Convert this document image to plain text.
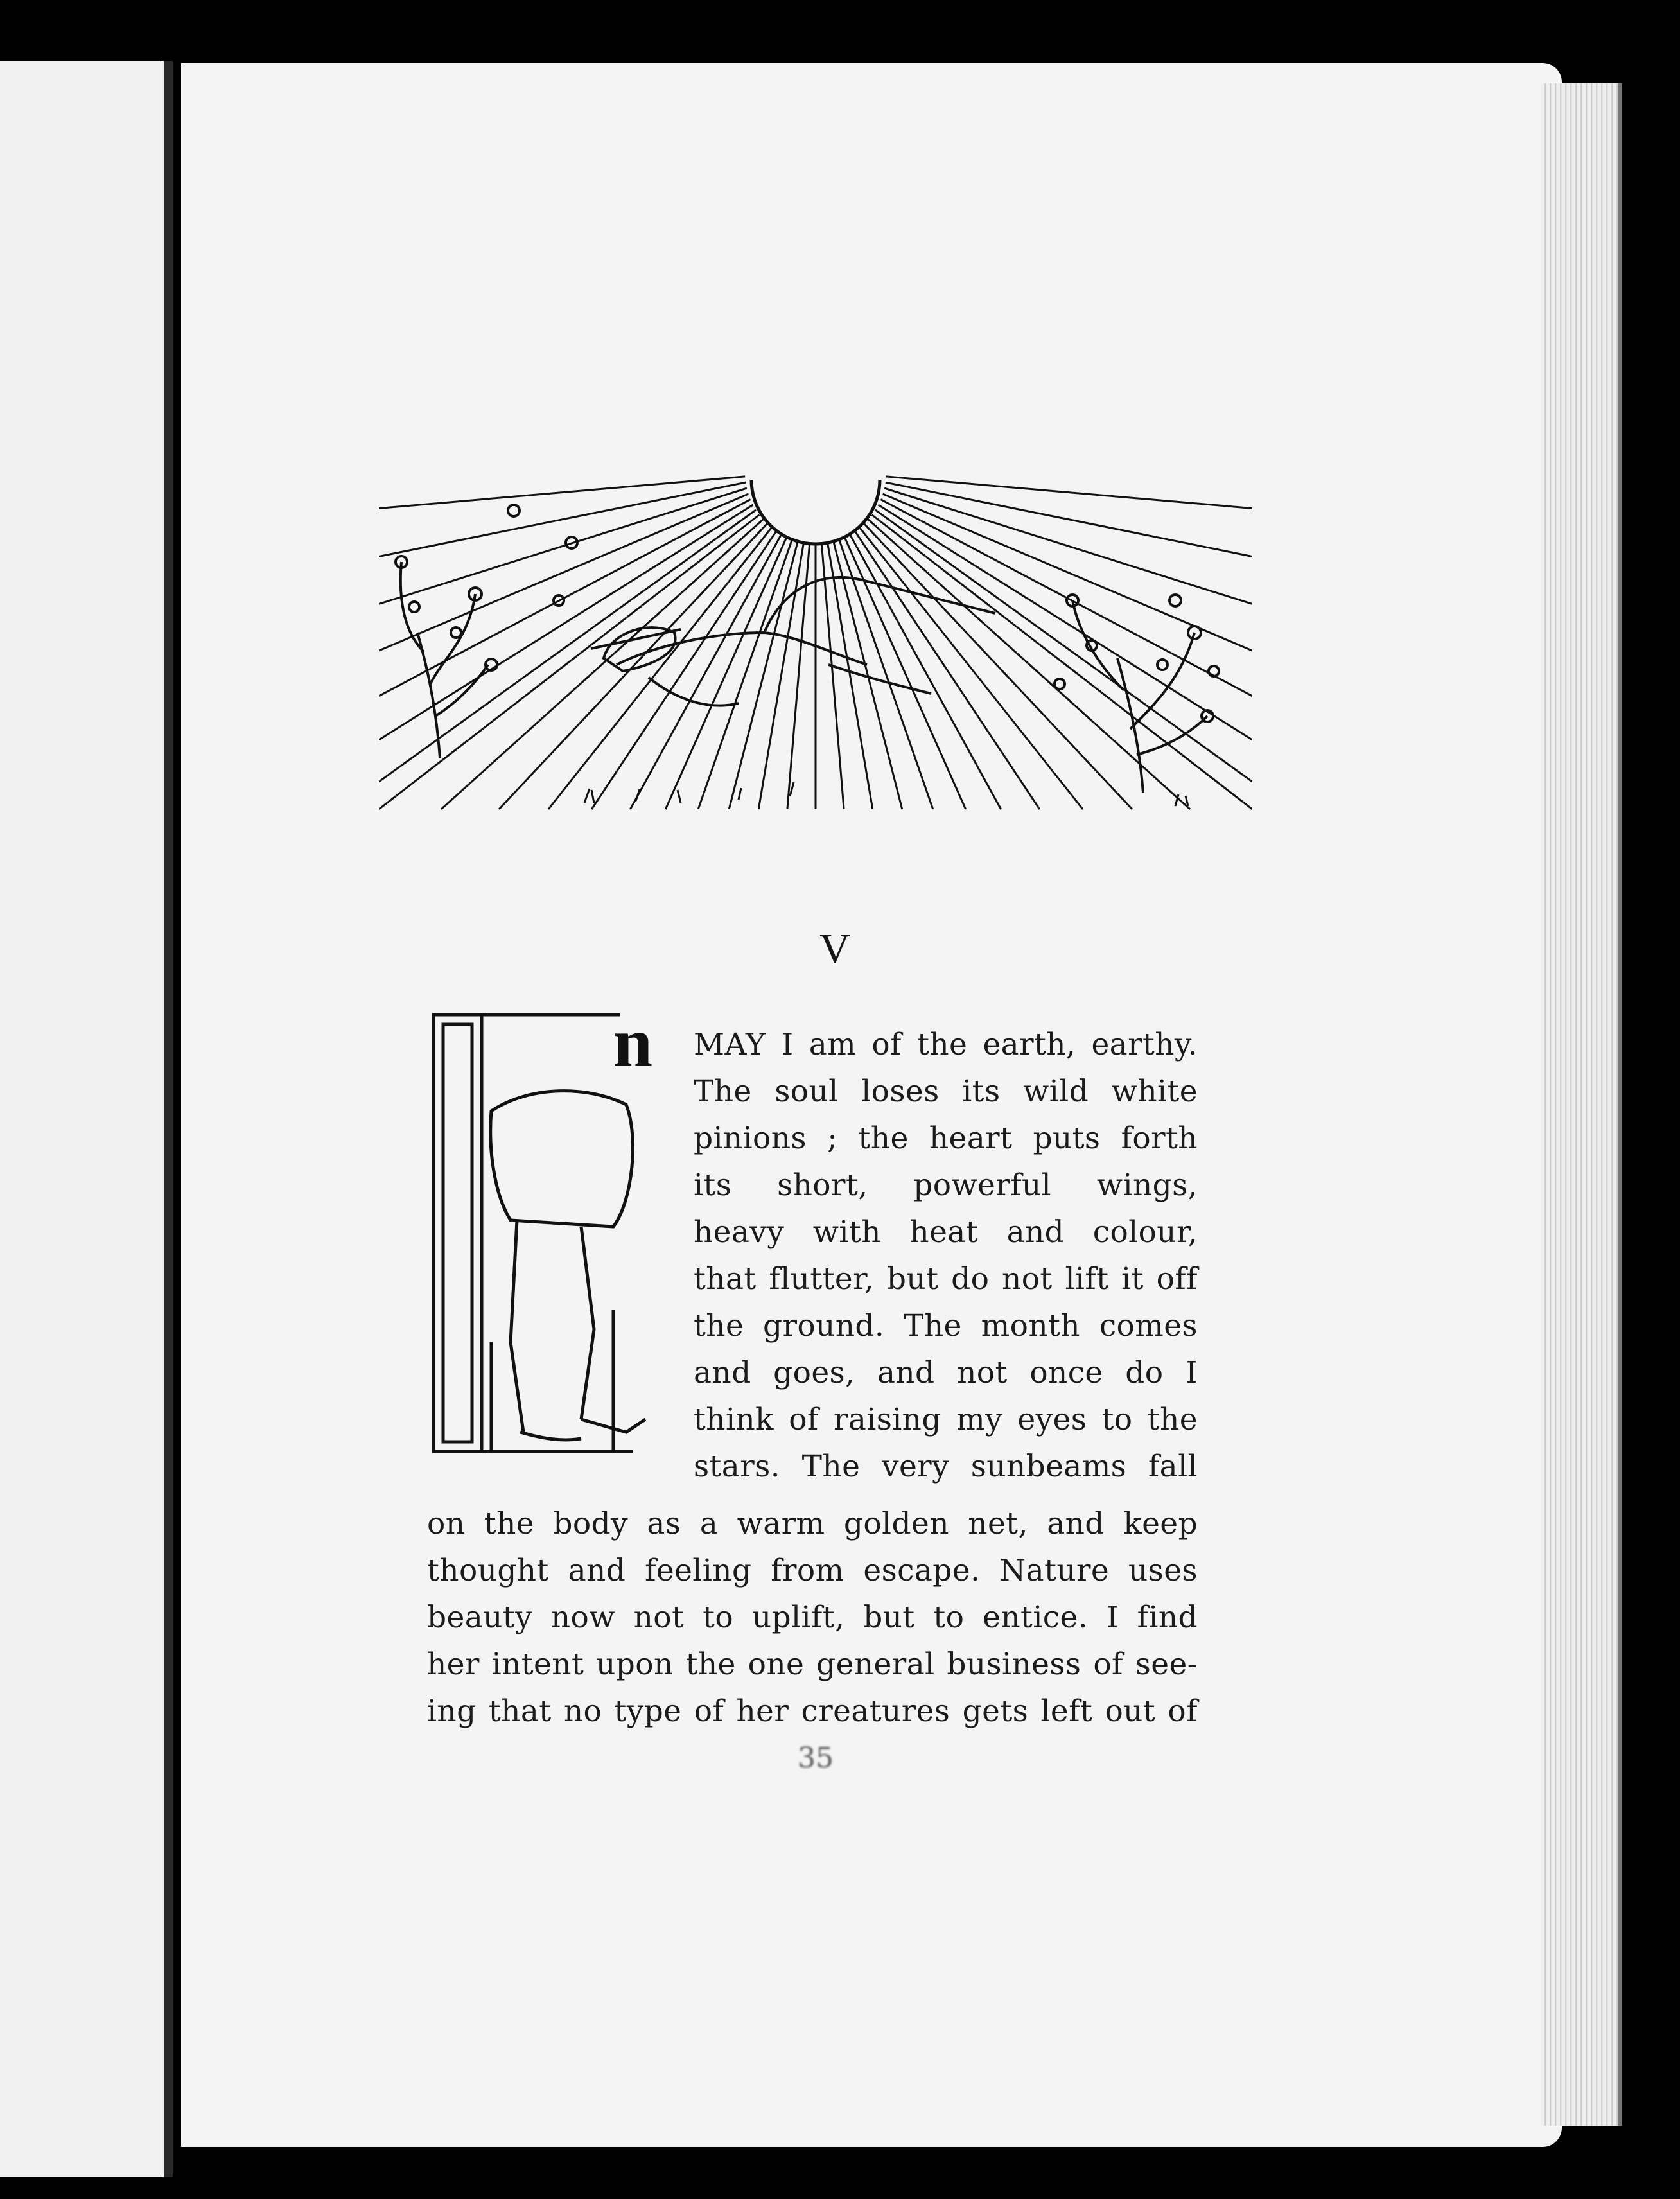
V
n MAY I am of the earth, earthy.
The soul loses its wild white
pinions ; the heart puts forth
its short, powerful wings,
heavy with heat and colour,
that flutter, but do not lift it off
the ground. The month comes
and goes, and not once do I
think of raising my eyes to the
stars. The very sunbeams fall
on the body as a warm golden net, and keep
thought and feeling from escape. Nature uses
beauty now not to uplift, but to entice. I find
her intent upon the one general business of see-
ing that no type of her creatures gets left out of
35
